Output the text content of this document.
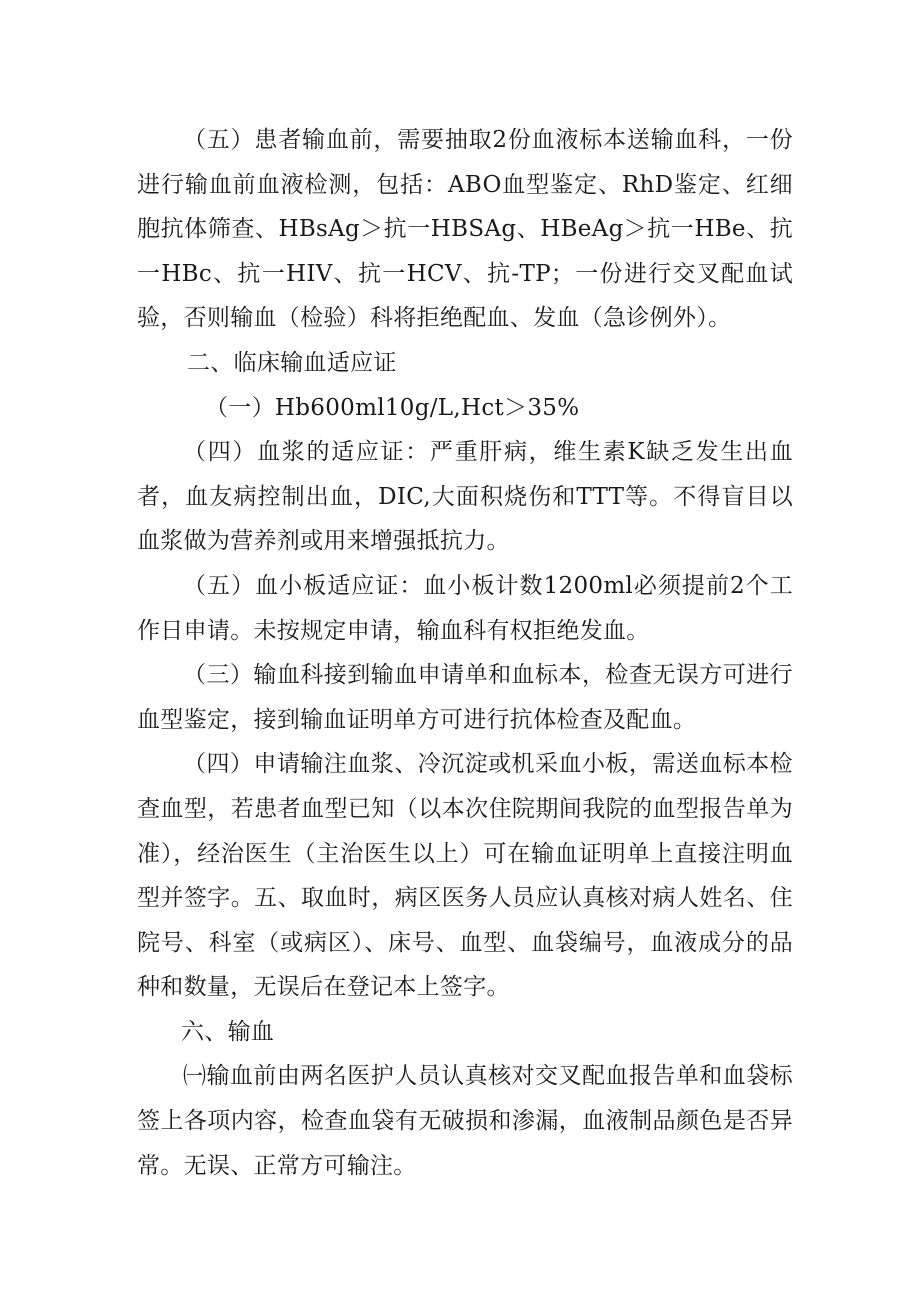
（五）患者输血前，需要抽取2份血液标本送输血科，一份进行输血前血液检测，包括：ABO血型鉴定、RhD鉴定、红细胞抗体筛查、HBsAg＞抗一HBSAg、HBeAg＞抗一HBe、抗一HBc、抗一HIV、抗一HCV、抗-TP；一份进行交叉配血试验，否则输血（检验）科将拒绝配血、发血（急诊例外）。

二、临床输血适应证

（一）Hb600ml10g/L,Hct＞35%

（四）血浆的适应证：严重肝病，维生素K缺乏发生出血者，血友病控制出血，DIC,大面积烧伤和TTT等。不得盲目以血浆做为营养剂或用来增强抵抗力。

（五）血小板适应证：血小板计数1200ml必须提前2个工作日申请。未按规定申请，输血科有权拒绝发血。

（三）输血科接到输血申请单和血标本，检查无误方可进行血型鉴定，接到输血证明单方可进行抗体检查及配血。

（四）申请输注血浆、冷沉淀或机采血小板，需送血标本检查血型，若患者血型已知（以本次住院期间我院的血型报告单为准），经治医生（主治医生以上）可在输血证明单上直接注明血型并签字。五、取血时，病区医务人员应认真核对病人姓名、住院号、科室（或病区）、床号、血型、血袋编号，血液成分的品种和数量，无误后在登记本上签字。

六、输血

㈠输血前由两名医护人员认真核对交叉配血报告单和血袋标签上各项内容，检查血袋有无破损和渗漏，血液制品颜色是否异常。无误、正常方可输注。
